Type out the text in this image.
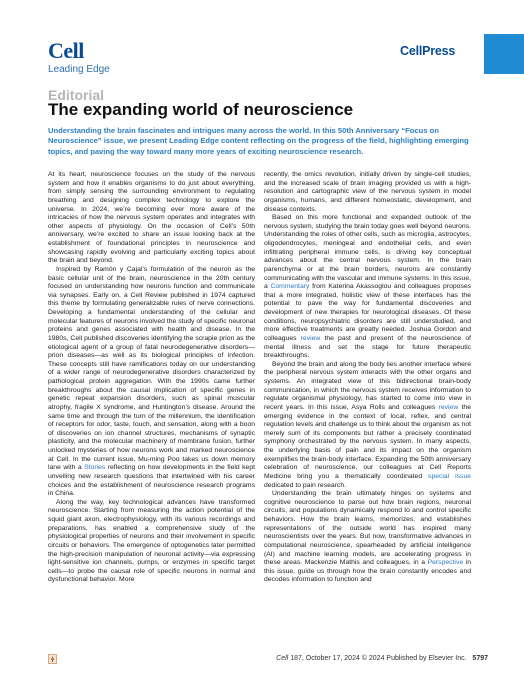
Cell
Leading Edge
CellPress
Editorial
The expanding world of neuroscience
Understanding the brain fascinates and intrigues many across the world. In this 50th Anniversary “Focus on Neuroscience” issue, we present Leading Edge content reflecting on the progress of the field, highlighting emerging topics, and paving the way toward many more years of exciting neuroscience research.

At its heart, neuroscience focuses on the study of the nervous system and how it enables organisms to do just about everything, from simply sensing the surrounding environment to regulating breathing and designing complex technology to explore the universe. In 2024, we’re becoming ever more aware of the intricacies of how the nervous system operates and integrates with other aspects of physiology. On the occasion of Cell’s 50th anniversary, we’re excited to share an issue looking back at the establishment of foundational principles in neuroscience and showcasing rapidly evolving and particularly exciting topics about the brain and beyond.

Inspired by Ramón y Cajal’s formulation of the neuron as the basic cellular unit of the brain, neuroscience in the 20th century focused on understanding how neurons function and communicate via synapses. Early on, a Cell Review published in 1974 captured this theme by formulating generalizable rules of nerve connections. Developing a fundamental understanding of the cellular and molecular features of neurons involved the study of specific neuronal proteins and genes associated with health and disease. In the 1980s, Cell published discoveries identifying the scrapie prion as the etiological agent of a group of fatal neurodegenerative disorders—prion diseases—as well as its biological principles of infection. These concepts still have ramifications today on our understanding of a wider range of neurodegenerative disorders characterized by pathological protein aggregation. With the 1990s came further breakthroughs about the causal implication of specific genes in genetic repeat expansion disorders, such as spinal muscular atrophy, fragile X syndrome, and Huntington’s disease. Around the same time and through the turn of the millennium, the identification of receptors for odor, taste, touch, and sensation, along with a boon of discoveries on ion channel structures, mechanisms of synaptic plasticity, and the molecular machinery of membrane fusion, further unlocked mysteries of how neurons work and marked neuroscience at Cell. In the current issue, Mu-ming Poo takes us down memory lane with a Stories reflecting on how developments in the field kept unveiling new research questions that intertwined with his career choices and the establishment of neuroscience research programs in China.

Along the way, key technological advances have transformed neuroscience. Starting from measuring the action potential of the squid giant axon, electrophysiology, with its various recordings and preparations, has enabled a comprehensive study of the physiological properties of neurons and their involvement in specific circuits or behaviors. The emergence of optogenetics later permitted the high-precision manipulation of neuronal activity—via expressing light-sensitive ion channels, pumps, or enzymes in specific target cells—to probe the causal role of specific neurons in normal and dysfunctional behavior. More

recently, the omics revolution, initially driven by single-cell studies, and the increased scale of brain imaging provided us with a high-resolution and cartographic view of the nervous system in model organisms, humans, and different homeostatic, development, and disease contexts.

Based on this more functional and expanded outlook of the nervous system, studying the brain today goes well beyond neurons. Understanding the roles of other cells, such as microglia, astrocytes, oligodendrocytes, meningeal and endothelial cells, and even infiltrating peripheral immune cells, is driving key conceptual advances about the central nervous system. In the brain parenchyma or at the brain borders, neurons are constantly communicating with the vascular and immune systems. In this issue, a Commentary from Katerina Akassoglou and colleagues proposes that a more integrated, holistic view of these interfaces has the potential to pave the way for fundamental discoveries and development of new therapies for neurological diseases. Of these conditions, neuropsychiatric disorders are still understudied, and more effective treatments are greatly needed. Joshua Gordon and colleagues review the past and present of the neuroscience of mental illness and set the stage for future therapeutic breakthroughs.

Beyond the brain and along the body lies another interface where the peripheral nervous system interacts with the other organs and systems. An integrated view of this bidirectional brain-body communication, in which the nervous system receives information to regulate organismal physiology, has started to come into view in recent years. In this issue, Asya Rolls and colleagues review the emerging evidence in the context of local, reflex, and central regulation levels and challenge us to think about the organism as not merely sum of its components but rather a precisely coordinated symphony orchestrated by the nervous system. In many aspects, the underlying basis of pain and its impact on the organism exemplifies the brain-body interface. Expanding the 50th anniversary celebration of neuroscience, our colleagues at Cell Reports Medicine bring you a thematically coordinated special issue dedicated to pain research.

Understanding the brain ultimately hinges on systems and cognitive neuroscience to parse out how brain regions, neuronal circuits, and populations dynamically respond to and control specific behaviors. How the brain learns, memorizes, and establishes representations of the outside world has inspired many neuroscientists over the years. But now, transformative advances in computational neuroscience, spearheaded by artificial intelligence (AI) and machine learning models, are accelerating progress in these areas. Mackenzie Mathis and colleagues, in a Perspective in this issue, guide us through how the brain constantly encodes and decodes information to function and

Cell 187, October 17, 2024 © 2024 Published by Elsevier Inc. 5797
